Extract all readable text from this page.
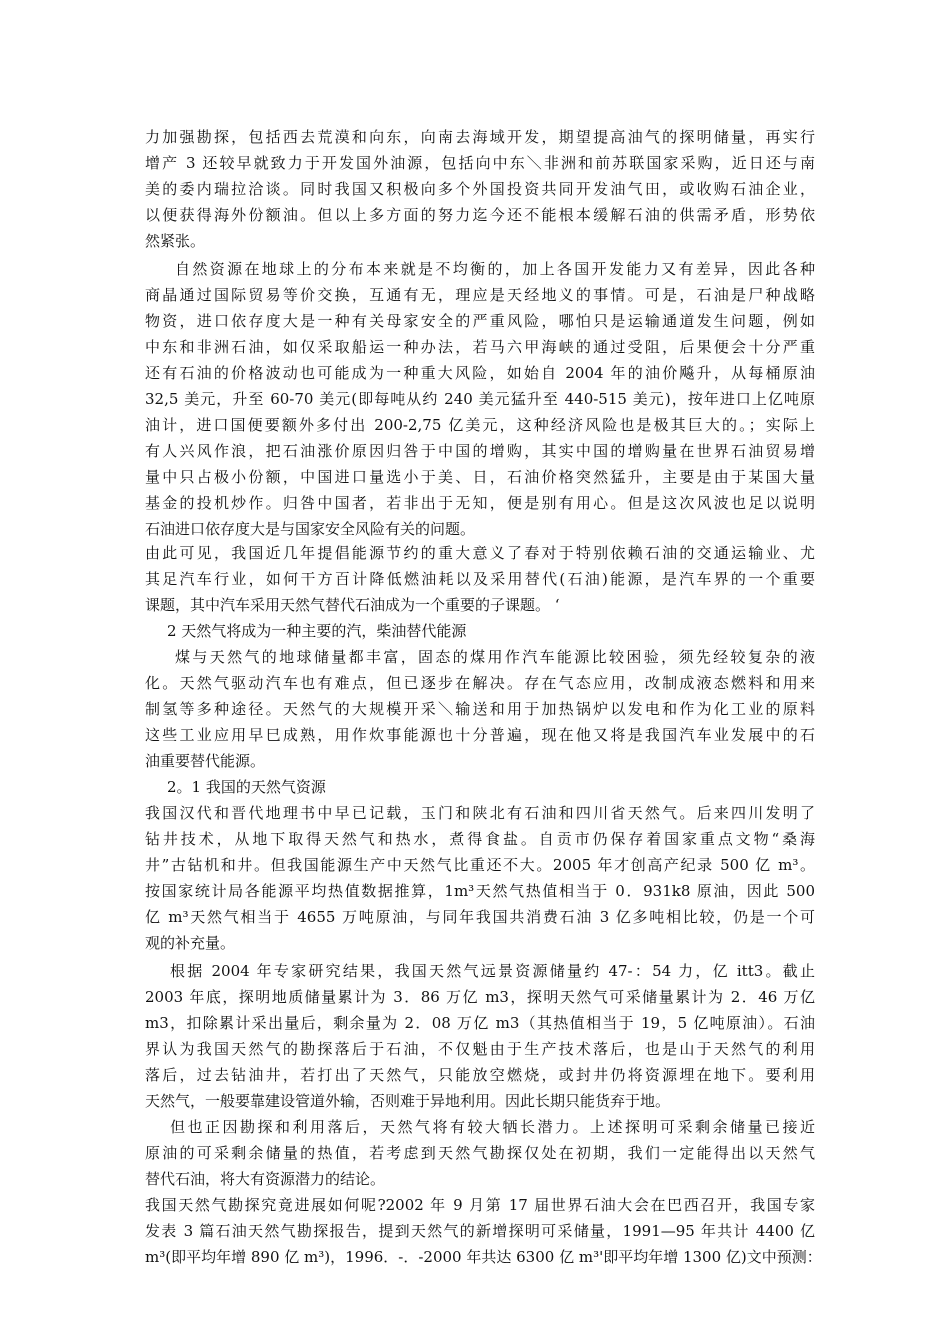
力加强勘探，包括西去荒漠和向东，向南去海域开发，期望提高油气的探明储量，再实行
增产 3 还较早就致力于开发国外油源，包括向中东＼非洲和前苏联国家采购，近日还与南
美的委内瑞拉洽谈。同时我国又积极向多个外国投资共同开发油气田，或收购石油企业，
以便获得海外份额油。但以上多方面的努力迄今还不能根本缓解石油的供需矛盾，形势依
然紧张。
自然资源在地球上的分布本来就是不均衡的，加上各国开发能力又有差异，因此各种
商晶通过国际贸易等价交换，互通有无，理应是天经地义的事情。可是，石油是尸种战略
物资，进口依存度大是一种有关母家安全的严重风险，哪怕只是运输通道发生问题，例如
中东和非洲石油，如仅采取船运一种办法，若马六甲海峡的通过受阻，后果便会十分严重
还有石油的价格波动也可能成为一种重大风险，如始自 2004 年的油价飚升，从每桶原油
32,5 美元，升至 60-70 美元(即每吨从约 240 美元猛升至 440-515 美元)，按年进口上亿吨原
油计，进口国便要额外多付出 200-2,75 亿美元，这种经济风险也是极其巨大的。；实际上
有人兴风作浪，把石油涨价原因归咎于中国的增购，其实中国的增购量在世界石油贸易增
量中只占极小份额，中国进口量选小于美、日，石油价格突然猛升，主要是由于某国大量
基金的投机炒作。归咎中国者，若非出于无知，便是别有用心。但是这次风波也足以说明
石油进口依存度大是与国家安全风险有关的问题。
由此可见，我国近几年提倡能源节约的重大意义了春对于特别依赖石油的交通运输业、尤
其足汽车行业，如何干方百计降低燃油耗以及采用替代(石油)能源，是汽车界的一个重要
课题，其中汽车采用天然气替代石油成为一个重要的子课题。 ‘
2 天然气将成为一种主要的汽，柴油替代能源
煤与天然气的地球储量都丰富，固态的煤用作汽车能源比较困验，须先经较复杂的液
化。天然气驱动汽车也有难点，但已逐步在解决。存在气态应用，改制成液态燃料和用来
制氢等多种途径。天然气的大规模开采＼输送和用于加热锅炉以发电和作为化工业的原料
这些工业应用早巳成熟，用作炊事能源也十分普遍，现在他又将是我国汽车业发展中的石
油重要替代能源。
2。1 我国的天然气资源
我国汉代和晋代地理书中早已记载，玉门和陕北有石油和四川省天然气。后来四川发明了
钻井技术，从地下取得天然气和热水，煮得食盐。自贡市仍保存着国家重点文物“桑海
井”古钻机和井。但我国能源生产中天然气比重还不大。2005 年才创高产纪录 500 亿 m³。
按国家统计局各能源平均热值数据推算，1m³天然气热值相当于 0．931k8 原油，因此 500
亿 m³天然气相当于 4655 万吨原油，与同年我国共消费石油 3 亿多吨相比较，仍是一个可
观的补充量。
根据 2004 年专家研究结果，我国天然气远景资源储量约 47-：54 力，亿 itt3。截止
2003 年底，探明地质储量累计为 3．86 万亿 m3，探明天然气可采储量累计为 2．46 万亿
m3，扣除累计采出量后，剩余量为 2．08 万亿 m3（其热值相当于 19，5 亿吨原油）。石油
界认为我国天然气的勘探落后于石油，不仅魁由于生产技术落后，也是山于天然气的利用
落后，过去钻油井，若打出了天然气，只能放空燃烧，或封井仍将资源埋在地下。要利用
天然气，一般要靠建设管道外输，否则难于异地利用。因此长期只能货弃于地。
但也正因勘探和利用落后，天然气将有较大牺长潜力。上述探明可采剩余储量已接近
原油的可采剩余储量的热值，若考虑到天然气勘探仅处在初期，我们一定能得出以天然气
替代石油，将大有资源潜力的结论。
我国天然气勘探究竟进展如何呢?2002 年 9 月第 17 届世界石油大会在巴西召开，我国专家
发表 3 篇石油天然气勘探报告，提到天然气的新增探明可采储量，1991—95 年共计 4400 亿
m³(即平均年增 890 亿 m³)，1996．-．-2000 年共达 6300 亿 m³'即平均年增 1300 亿)文中预测：
